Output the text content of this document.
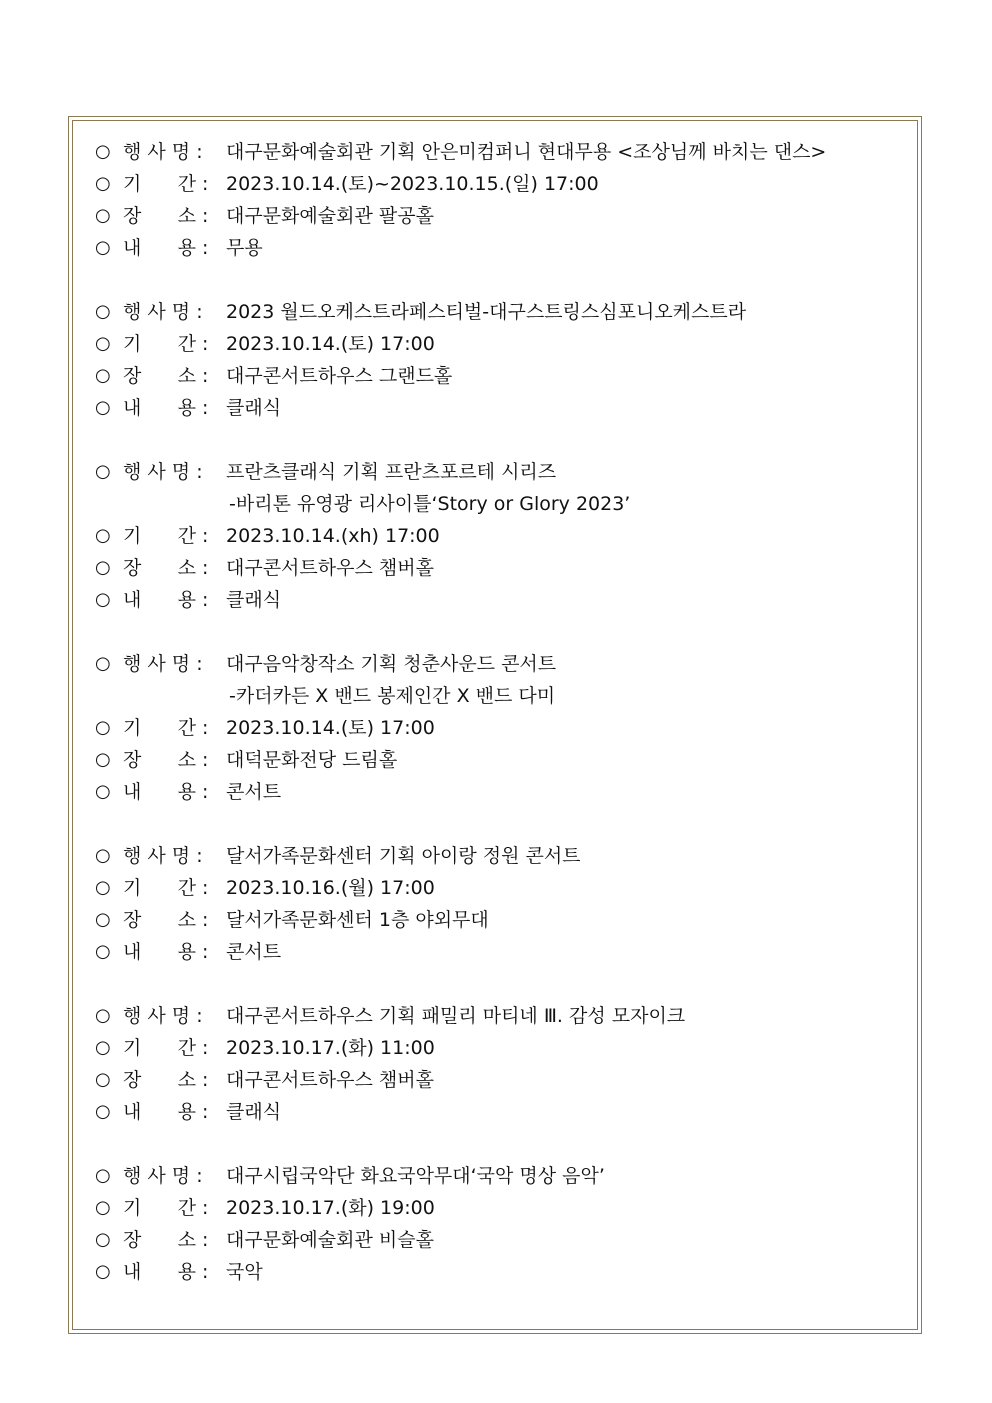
○ 행 사 명 :	대구문화예술회관 기획 안은미컴퍼니 현대무용 <조상님께 바치는 댄스>
○ 기      간 : 2023.10.14.(토)~2023.10.15.(일) 17:00
○ 장      소 : 대구문화예술회관 팔공홀
○ 내      용 : 무용
○ 행 사 명 :	2023 월드오케스트라페스티벌-대구스트링스심포니오케스트라
○ 기      간 : 2023.10.14.(토) 17:00
○ 장      소 : 대구콘서트하우스 그랜드홀
○ 내      용 : 클래식
○ 행 사 명 :	프란츠클래식 기획 프란츠포르테 시리즈
-바리톤 유영광 리사이틀‘Story or Glory 2023’
○ 기      간 : 2023.10.14.(xh) 17:00
○ 장      소 : 대구콘서트하우스 챔버홀
○ 내      용 : 클래식
○ 행 사 명 :	대구음악창작소 기획 청춘사운드 콘서트
-카더카든 X 밴드 봉제인간 X 밴드 다미
○ 기      간 : 2023.10.14.(토) 17:00
○ 장      소 : 대덕문화전당 드림홀
○ 내      용 : 콘서트
○ 행 사 명 :	달서가족문화센터 기획 아이랑 정원 콘서트
○ 기      간 : 2023.10.16.(월) 17:00
○ 장      소 : 달서가족문화센터 1층 야외무대
○ 내      용 : 콘서트
○ 행 사 명 :	대구콘서트하우스 기획 패밀리 마티네 Ⅲ. 감성 모자이크
○ 기      간 : 2023.10.17.(화) 11:00
○ 장      소 : 대구콘서트하우스 챔버홀
○ 내      용 : 클래식
○ 행 사 명 :	대구시립국악단 화요국악무대‘국악 명상 음악’
○ 기      간 : 2023.10.17.(화) 19:00
○ 장      소 : 대구문화예술회관 비슬홀
○ 내      용 : 국악
